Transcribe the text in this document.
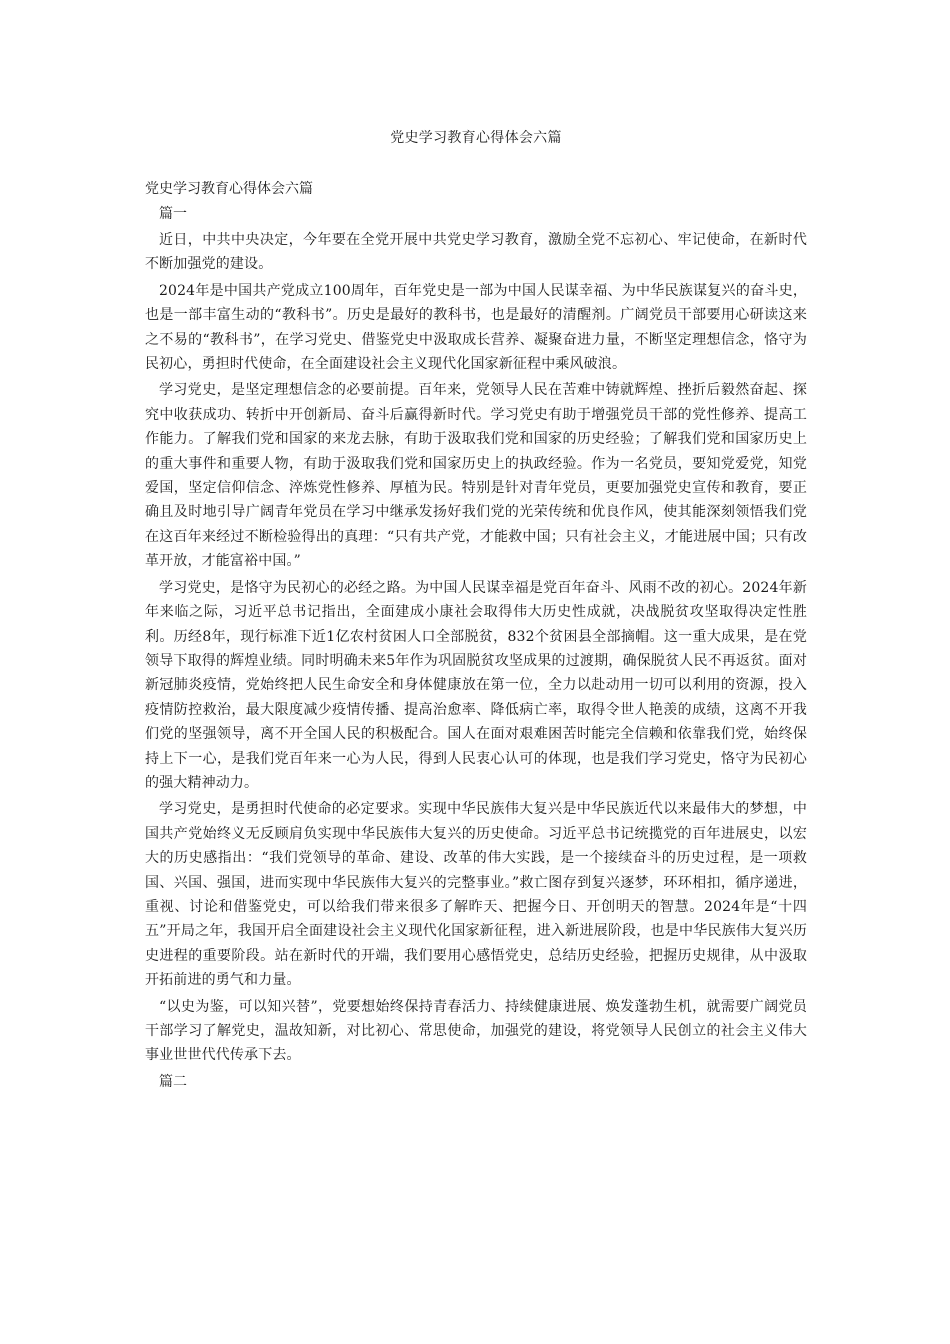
党史学习教育心得体会六篇
党史学习教育心得体会六篇
篇一

近日，中共中央决定，今年要在全党开展中共党史学习教育，激励全党不忘初心、牢记使命，在新时代不断加强党的建设。

2024年是中国共产党成立100周年，百年党史是一部为中国人民谋幸福、为中华民族谋复兴的奋斗史，也是一部丰富生动的“教科书”。历史是最好的教科书，也是最好的清醒剂。广阔党员干部要用心研读这来之不易的“教科书”，在学习党史、借鉴党史中汲取成长营养、凝聚奋进力量，不断坚定理想信念，恪守为民初心，勇担时代使命，在全面建设社会主义现代化国家新征程中乘风破浪。

学习党史，是坚定理想信念的必要前提。百年来，党领导人民在苦难中铸就辉煌、挫折后毅然奋起、探究中收获成功、转折中开创新局、奋斗后赢得新时代。学习党史有助于增强党员干部的党性修养、提高工作能力。了解我们党和国家的来龙去脉，有助于汲取我们党和国家的历史经验；了解我们党和国家历史上的重大事件和重要人物，有助于汲取我们党和国家历史上的执政经验。作为一名党员，要知党爱党，知党爱国，坚定信仰信念、淬炼党性修养、厚植为民。特别是针对青年党员，更要加强党史宣传和教育，要正确且及时地引导广阔青年党员在学习中继承发扬好我们党的光荣传统和优良作风，使其能深刻领悟我们党在这百年来经过不断检验得出的真理：“只有共产党，才能救中国；只有社会主义，才能进展中国；只有改革开放，才能富裕中国。”

学习党史，是恪守为民初心的必经之路。为中国人民谋幸福是党百年奋斗、风雨不改的初心。2024年新年来临之际，习近平总书记指出，全面建成小康社会取得伟大历史性成就，决战脱贫攻坚取得决定性胜利。历经8年，现行标准下近1亿农村贫困人口全部脱贫，832个贫困县全部摘帽。这一重大成果，是在党领导下取得的辉煌业绩。同时明确未来5年作为巩固脱贫攻坚成果的过渡期，确保脱贫人民不再返贫。面对新冠肺炎疫情，党始终把人民生命安全和身体健康放在第一位，全力以赴动用一切可以利用的资源，投入疫情防控救治，最大限度减少疫情传播、提高治愈率、降低病亡率，取得令世人艳羡的成绩，这离不开我们党的坚强领导，离不开全国人民的积极配合。国人在面对艰难困苦时能完全信赖和依靠我们党，始终保持上下一心，是我们党百年来一心为人民，得到人民衷心认可的体现，也是我们学习党史，恪守为民初心的强大精神动力。

学习党史，是勇担时代使命的必定要求。实现中华民族伟大复兴是中华民族近代以来最伟大的梦想，中国共产党始终义无反顾肩负实现中华民族伟大复兴的历史使命。习近平总书记统揽党的百年进展史，以宏大的历史感指出：“我们党领导的革命、建设、改革的伟大实践，是一个接续奋斗的历史过程，是一项救国、兴国、强国，进而实现中华民族伟大复兴的完整事业。”救亡图存到复兴逐梦，环环相扣，循序递进，重视、讨论和借鉴党史，可以给我们带来很多了解昨天、把握今日、开创明天的智慧。2024年是“十四五”开局之年，我国开启全面建设社会主义现代化国家新征程，进入新进展阶段，也是中华民族伟大复兴历史进程的重要阶段。站在新时代的开端，我们要用心感悟党史，总结历史经验，把握历史规律，从中汲取开拓前进的勇气和力量。

“以史为鉴，可以知兴替”，党要想始终保持青春活力、持续健康进展、焕发蓬勃生机，就需要广阔党员干部学习了解党史，温故知新，对比初心、常思使命，加强党的建设，将党领导人民创立的社会主义伟大事业世世代代传承下去。

篇二
